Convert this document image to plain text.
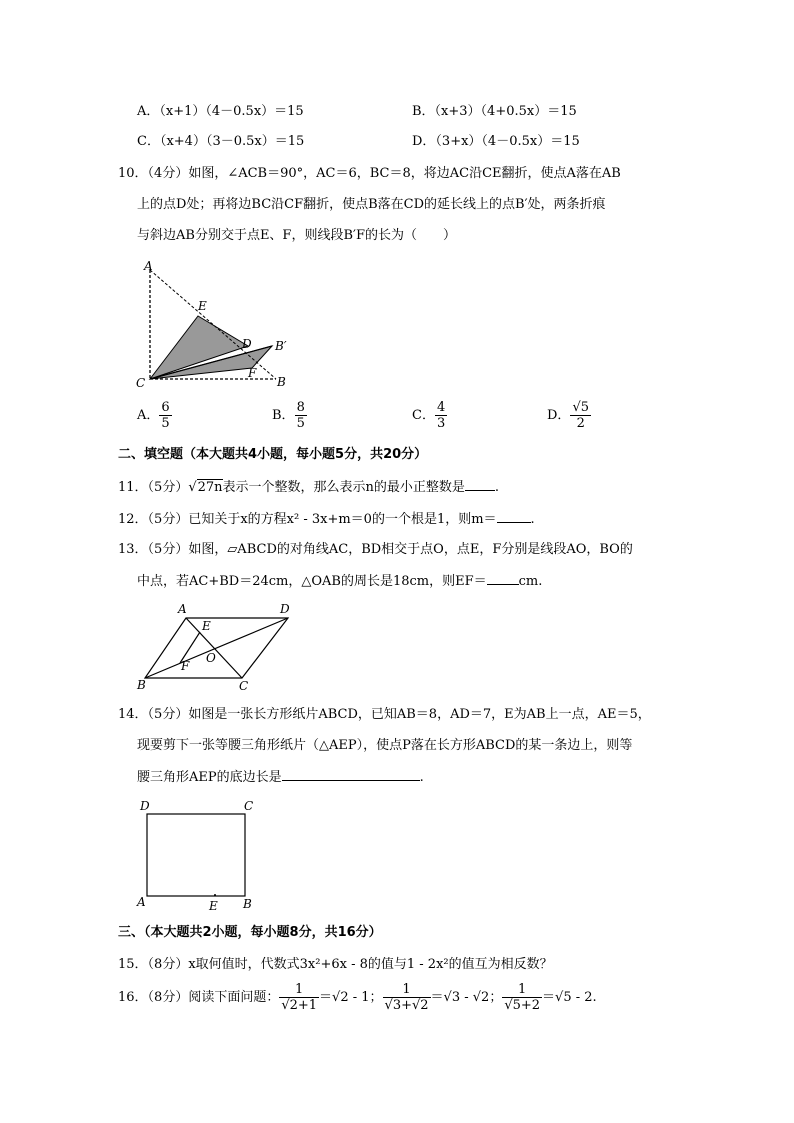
A．（x+1）（4－0.5x）＝15	B．（x+3）（4+0.5x）＝15
C．（x+4）（3－0.5x）＝15	D．（3+x）（4－0.5x）＝15
10．（4分）如图，∠ACB＝90°，AC＝6，BC＝8，将边AC沿CE翻折，使点A落在AB
上的点D处；再将边BC沿CF翻折，使点B落在CD的延长线上的点B′处，两条折痕
与斜边AB分别交于点E、F，则线段B′F的长为（　　）
A
E
D B′
C
F
B
A． $\frac{6}{5}$	B． $\frac{8}{5}$	C． $\frac{4}{3}$	D． $\frac{√5}{2}$
二、填空题（本大题共4小题，每小题5分，共20分）
11．（5分）√27n表示一个整数，那么表示n的最小正整数是 .
12．（5分）已知关于x的方程x² - 3x+m＝0的一个根是1，则m＝	.
13．（5分）如图，▱ABCD的对角线AC，BD相交于点O，点E，F分别是线段AO，BO的
中点，若AC+BD＝24cm，△OAB的周长是18cm，则EF＝ cm.
A	D
E
O
F
B	C
14．（5分）如图是一张长方形纸片ABCD，已知AB＝8，AD＝7，E为AB上一点，AE＝5，
现要剪下一张等腰三角形纸片（△AEP），使点P落在长方形ABCD的某一条边上，则等
腰三角形AEP的底边长是	.
D	C
A	E B
三、（本大题共2小题，每小题8分，共16分）
15．（8分）x取何值时，代数式3x²+6x - 8的值与1 - 2x²的值互为相反数？
16．（8分）阅读下面问题： $\frac{1}{√2+1} =√2 - 1$； $\frac{1}{√3+√2} =√3 - √2$； $\frac{1}{√5+2} =√5 - 2$.
